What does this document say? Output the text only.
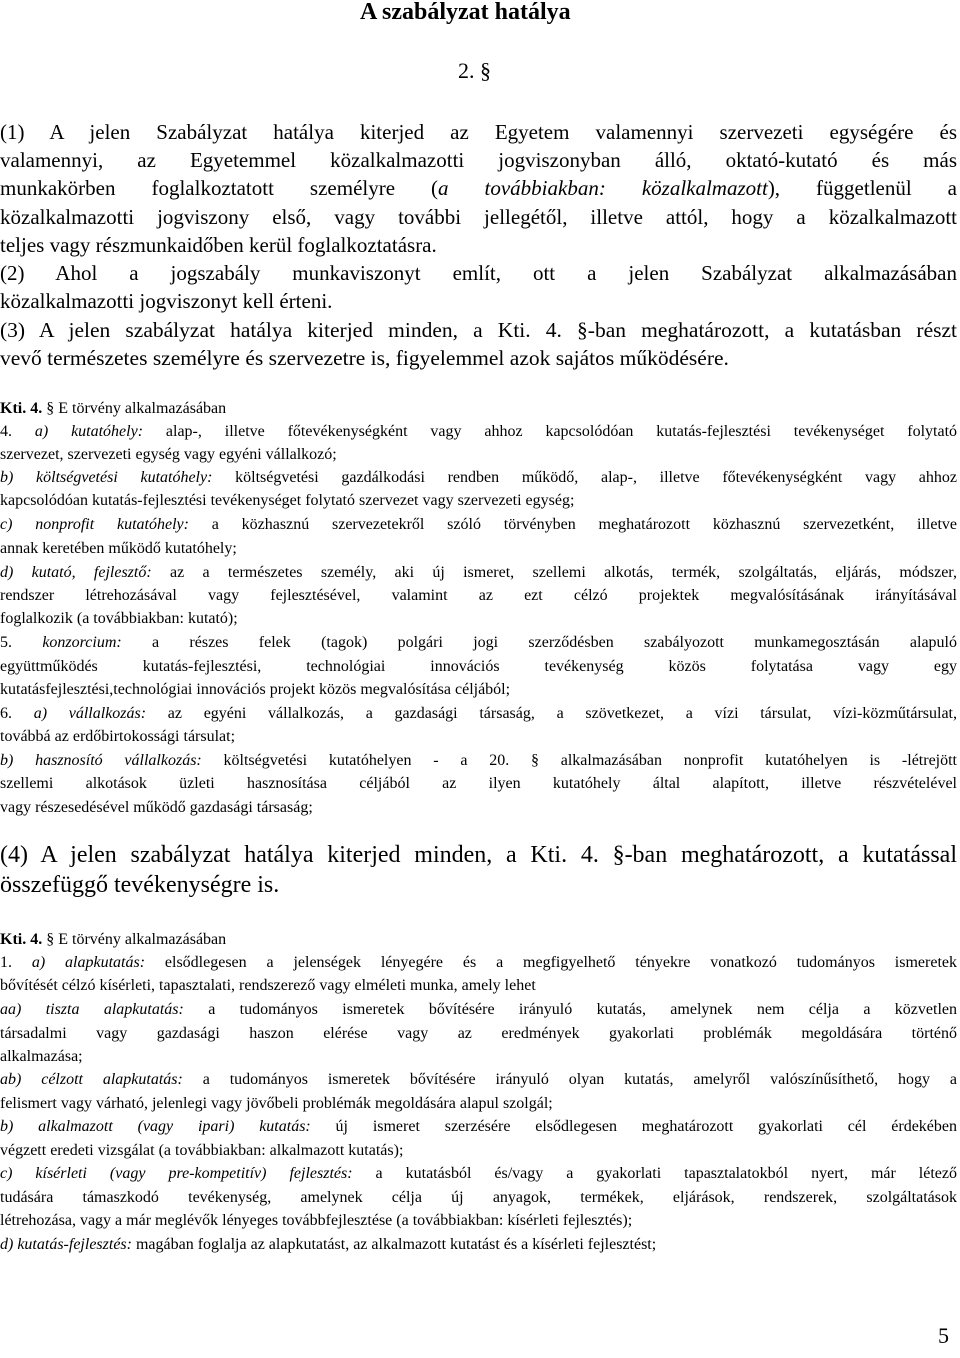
A szabályzat hatálya
2. §
(1) A jelen Szabályzat hatálya kiterjed az Egyetem valamennyi szervezeti egységére és
valamennyi, az Egyetemmel közalkalmazotti jogviszonyban álló, oktató-kutató és más
munkakörben foglalkoztatott személyre (a továbbiakban: közalkalmazott), függetlenül a
közalkalmazotti jogviszony első, vagy további jellegétől, illetve attól, hogy a közalkalmazott
teljes vagy részmunkaidőben kerül foglalkoztatásra.
(2) Ahol a jogszabály munkaviszonyt említ, ott a jelen Szabályzat alkalmazásában
közalkalmazotti jogviszonyt kell érteni.
(3) A jelen szabályzat hatálya kiterjed minden, a Kti. 4. §-ban meghatározott, a kutatásban részt
vevő természetes személyre és szervezetre is, figyelemmel azok sajátos működésére.
Kti. 4. § E törvény alkalmazásában
4. a) kutatóhely: alap-, illetve főtevékenységként vagy ahhoz kapcsolódóan kutatás-fejlesztési tevékenységet folytató
szervezet, szervezeti egység vagy egyéni vállalkozó;
b) költségvetési kutatóhely: költségvetési gazdálkodási rendben működő, alap-, illetve főtevékenységként vagy ahhoz
kapcsolódóan kutatás-fejlesztési tevékenységet folytató szervezet vagy szervezeti egység;
c) nonprofit kutatóhely: a közhasznú szervezetekről szóló törvényben meghatározott közhasznú szervezetként, illetve
annak keretében működő kutatóhely;
d) kutató, fejlesztő: az a természetes személy, aki új ismeret, szellemi alkotás, termék, szolgáltatás, eljárás, módszer,
rendszer létrehozásával vagy fejlesztésével, valamint az ezt célzó projektek megvalósításának irányításával
foglalkozik (a továbbiakban: kutató);
5. konzorcium: a részes felek (tagok) polgári jogi szerződésben szabályozott munkamegosztásán alapuló
együttműködés kutatás-fejlesztési, technológiai innovációs tevékenység közös folytatása vagy egy
kutatásfejlesztési,technológiai innovációs projekt közös megvalósítása céljából;
6. a) vállalkozás: az egyéni vállalkozás, a gazdasági társaság, a szövetkezet, a vízi társulat, vízi-közműtársulat,
továbbá az erdőbirtokossági társulat;
b) hasznosító vállalkozás: költségvetési kutatóhelyen - a 20. § alkalmazásában nonprofit kutatóhelyen is -létrejött
szellemi alkotások üzleti hasznosítása céljából az ilyen kutatóhely által alapított, illetve részvételével
vagy részesedésével működő gazdasági társaság;
(4) A jelen szabályzat hatálya kiterjed minden, a Kti. 4. §-ban meghatározott, a kutatással
összefüggő tevékenységre is.
Kti. 4. § E törvény alkalmazásában
1. a) alapkutatás: elsődlegesen a jelenségek lényegére és a megfigyelhető tényekre vonatkozó tudományos ismeretek
bővítését célzó kísérleti, tapasztalati, rendszerező vagy elméleti munka, amely lehet
aa) tiszta alapkutatás: a tudományos ismeretek bővítésére irányuló kutatás, amelynek nem célja a közvetlen
társadalmi vagy gazdasági haszon elérése vagy az eredmények gyakorlati problémák megoldására történő
alkalmazása;
ab) célzott alapkutatás: a tudományos ismeretek bővítésére irányuló olyan kutatás, amelyről valószínűsíthető, hogy a
felismert vagy várható, jelenlegi vagy jövőbeli problémák megoldására alapul szolgál;
b) alkalmazott (vagy ipari) kutatás: új ismeret szerzésére elsődlegesen meghatározott gyakorlati cél érdekében
végzett eredeti vizsgálat (a továbbiakban: alkalmazott kutatás);
c) kísérleti (vagy pre-kompetitív) fejlesztés: a kutatásból és/vagy a gyakorlati tapasztalatokból nyert, már létező
tudására támaszkodó tevékenység, amelynek célja új anyagok, termékek, eljárások, rendszerek, szolgáltatások
létrehozása, vagy a már meglévők lényeges továbbfejlesztése (a továbbiakban: kísérleti fejlesztés);
d) kutatás-fejlesztés: magában foglalja az alapkutatást, az alkalmazott kutatást és a kísérleti fejlesztést;
5
